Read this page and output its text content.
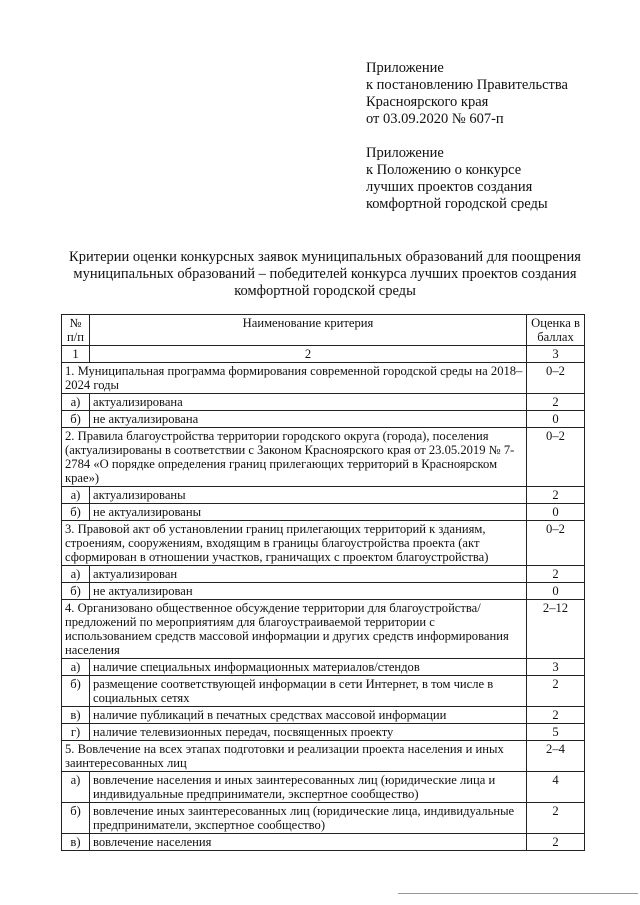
Приложение
к постановлению Правительства
Красноярского края
от 03.09.2020 № 607-п
Приложение
к Положению о конкурсе
лучших проектов создания
комфортной городской среды
Критерии оценки конкурсных заявок муниципальных образований для поощрения муниципальных образований – победителей конкурса лучших проектов создания комфортной городской среды
№ п/п	Наименование критерия	Оценка в баллах
1	2	3
1. Муниципальная программа формирования современной городской среды на 2018–2024 годы		0–2
а)	актуализирована	2
б)	не актуализирована	0
2. Правила благоустройства территории городского округа (города), поселения (актуализированы в соответствии с Законом Красноярского края от 23.05.2019 № 7-2784 «О порядке определения границ прилегающих территорий в Красноярском крае»)		0–2
а)	актуализированы	2
б)	не актуализированы	0
3. Правовой акт об установлении границ прилегающих территорий к зданиям, строениям, сооружениям, входящим в границы благоустройства проекта (акт сформирован в отношении участков, граничащих с проектом благоустройства)		0–2
а)	актуализирован	2
б)	не актуализирован	0
4. Организовано общественное обсуждение территории для благоустройства/предложений по мероприятиям для благоустраиваемой территории с использованием средств массовой информации и других средств информирования населения		2–12
а)	наличие специальных информационных материалов/стендов	3
б)	размещение соответствующей информации в сети Интернет, в том числе в социальных сетях	2
в)	наличие публикаций в печатных средствах массовой информации	2
г)	наличие телевизионных передач, посвященных проекту	5
5. Вовлечение на всех этапах подготовки и реализации проекта населения и иных заинтересованных лиц		2–4
а)	вовлечение населения и иных заинтересованных лиц (юридические лица и индивидуальные предприниматели, экспертное сообщество)	4
б)	вовлечение иных заинтересованных лиц (юридические лица, индивидуальные предприниматели, экспертное сообщество)	2
в)	вовлечение населения	2
